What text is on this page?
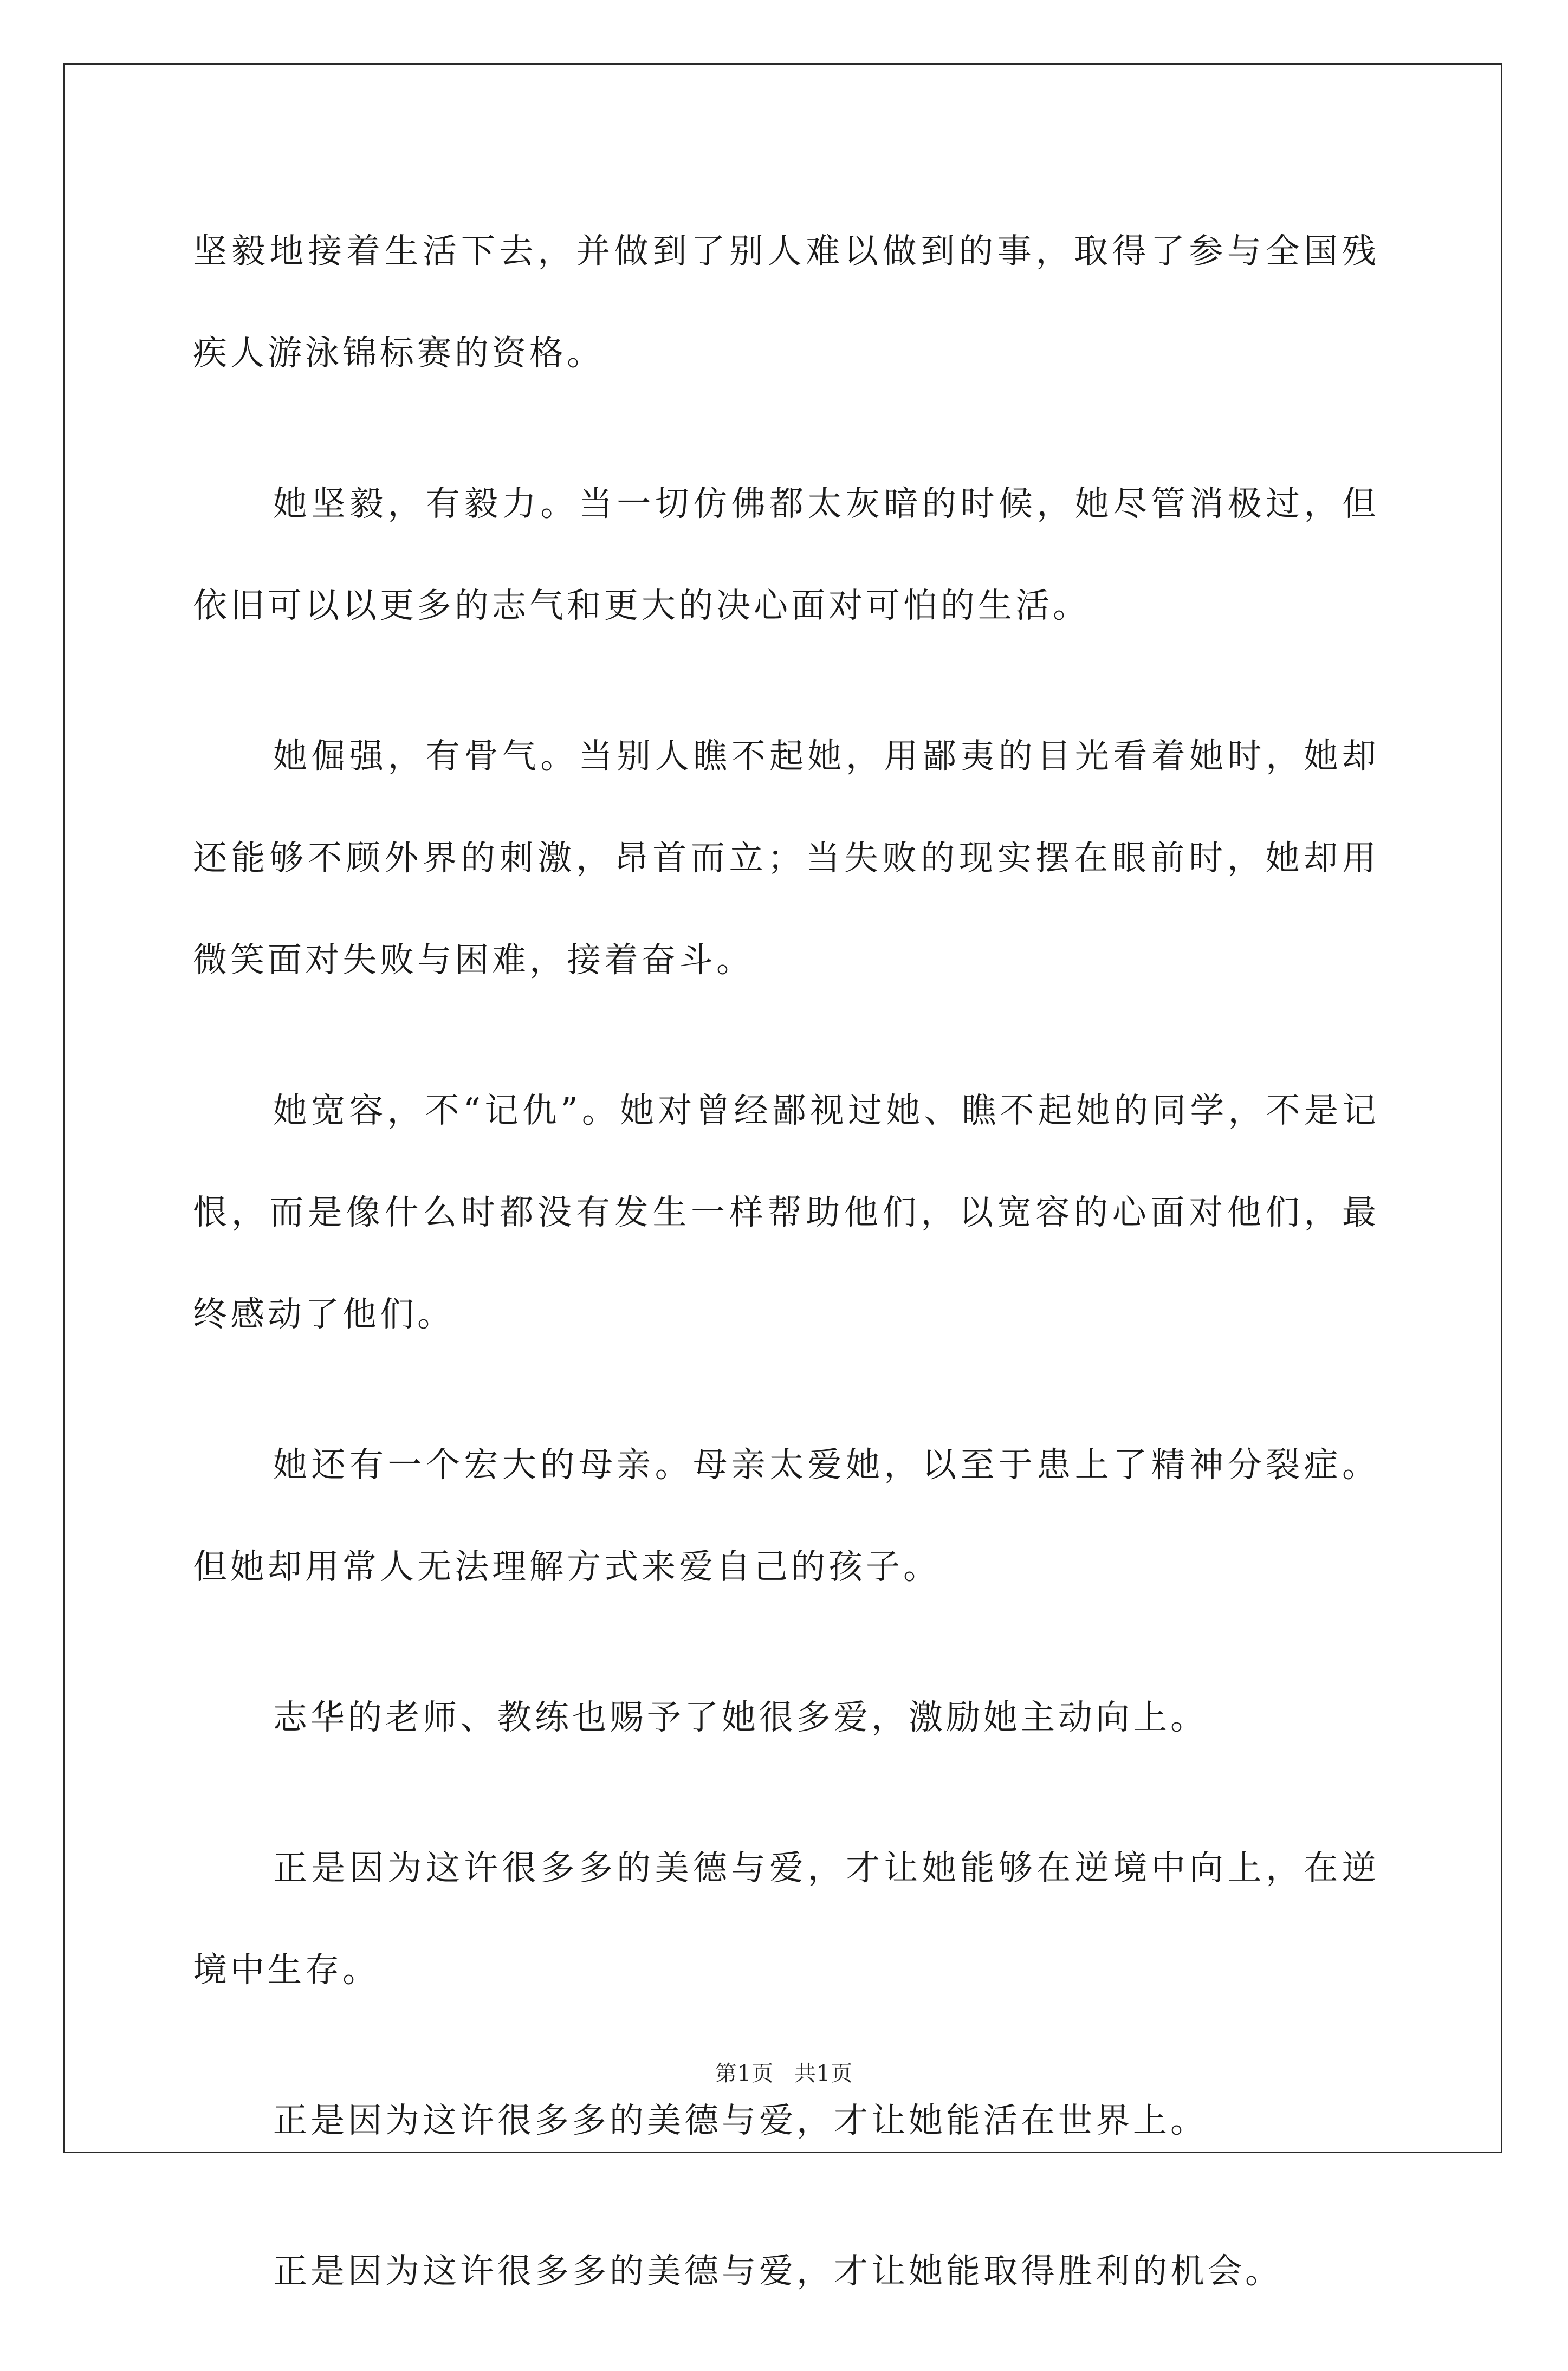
坚毅地接着生活下去，并做到了别人难以做到的事，取得了参与全国残疾人游泳锦标赛的资格。

她坚毅，有毅力。当一切仿佛都太灰暗的时候，她尽管消极过，但依旧可以以更多的志气和更大的决心面对可怕的生活。

她倔强，有骨气。当别人瞧不起她，用鄙夷的目光看着她时，她却还能够不顾外界的刺激，昂首而立；当失败的现实摆在眼前时，她却用微笑面对失败与困难，接着奋斗。

她宽容，不“记仇”。她对曾经鄙视过她、瞧不起她的同学，不是记恨，而是像什么时都没有发生一样帮助他们，以宽容的心面对他们，最终感动了他们。

她还有一个宏大的母亲。母亲太爱她，以至于患上了精神分裂症。但她却用常人无法理解方式来爱自己的孩子。

志华的老师、教练也赐予了她很多爱，激励她主动向上。

正是因为这许很多多的美德与爱，才让她能够在逆境中向上，在逆境中生存。

正是因为这许很多多的美德与爱，才让她能活在世界上。

正是因为这许很多多的美德与爱，才让她能取得胜利的机会。

第1页 共1页
